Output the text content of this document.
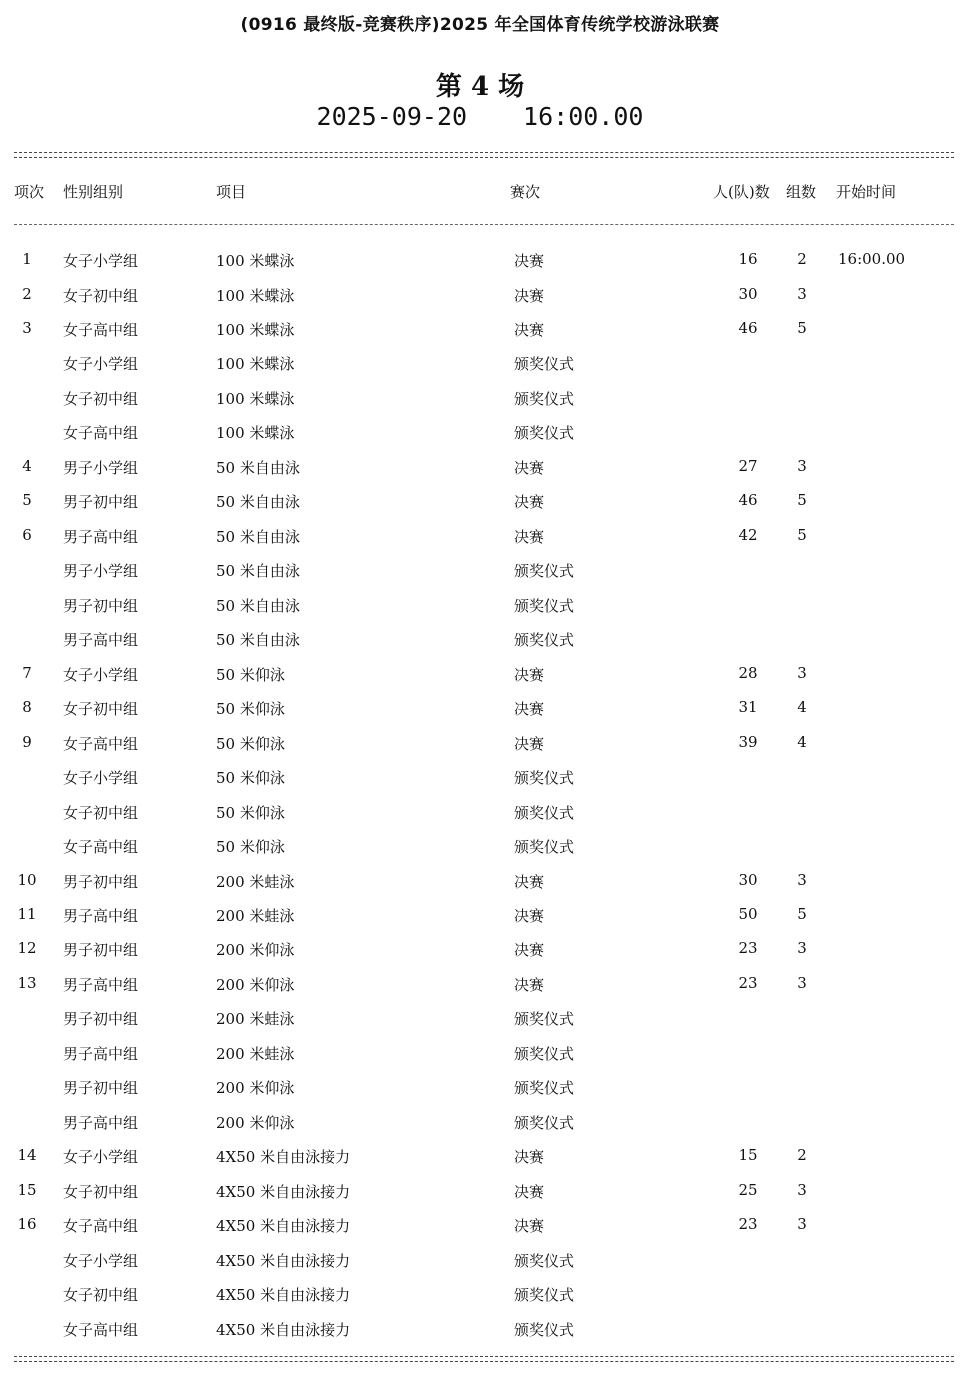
(0916 最终版-竞赛秩序)2025 年全国体育传统学校游泳联赛
第 4 场
2025-09-20 16:00.00
项次 性别组别	项目	赛次	人(队)数 组数 开始时间
1	女子小学组	100 米蝶泳	决赛	16	2	16:00.00
2	女子初中组	100 米蝶泳	决赛	30	3
3	女子高中组	100 米蝶泳	决赛	46	5
女子小学组	100 米蝶泳	颁奖仪式
女子初中组	100 米蝶泳	颁奖仪式
女子高中组	100 米蝶泳	颁奖仪式
4	男子小学组	50 米自由泳	决赛	27	3
5	男子初中组	50 米自由泳	决赛	46	5
6	男子高中组	50 米自由泳	决赛	42	5
男子小学组	50 米自由泳	颁奖仪式
男子初中组	50 米自由泳	颁奖仪式
男子高中组	50 米自由泳	颁奖仪式
7	女子小学组	50 米仰泳	决赛	28	3
8	女子初中组	50 米仰泳	决赛	31	4
9	女子高中组	50 米仰泳	决赛	39	4
女子小学组	50 米仰泳	颁奖仪式
女子初中组	50 米仰泳	颁奖仪式
女子高中组	50 米仰泳	颁奖仪式
10 男子初中组	200 米蛙泳	决赛	30	3
11 男子高中组	200 米蛙泳	决赛	50	5
12 男子初中组	200 米仰泳	决赛	23	3
13 男子高中组	200 米仰泳	决赛	23	3
男子初中组	200 米蛙泳	颁奖仪式
男子高中组	200 米蛙泳	颁奖仪式
男子初中组	200 米仰泳	颁奖仪式
男子高中组	200 米仰泳	颁奖仪式
14 女子小学组	4X50 米自由泳接力	决赛	15	2
15 女子初中组	4X50 米自由泳接力	决赛	25	3
16 女子高中组	4X50 米自由泳接力	决赛	23	3
女子小学组	4X50 米自由泳接力	颁奖仪式
女子初中组	4X50 米自由泳接力	颁奖仪式
女子高中组	4X50 米自由泳接力	颁奖仪式
